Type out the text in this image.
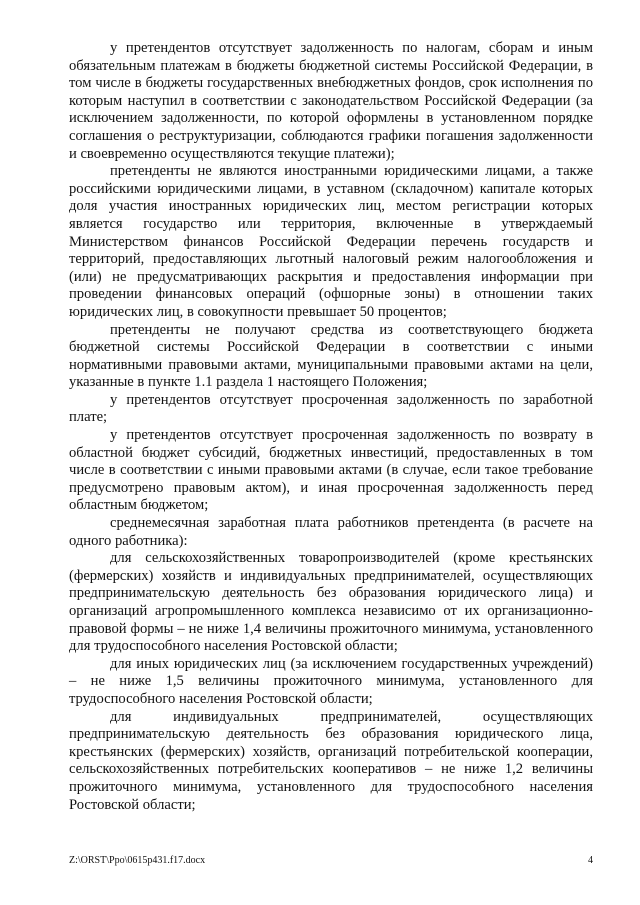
у претендентов отсутствует задолженность по налогам, сборам и иным обязательным платежам в бюджеты бюджетной системы Российской Федерации, в том числе в бюджеты государственных внебюджетных фондов, срок исполнения по которым наступил в соответствии с законодательством Российской Федерации (за исключением задолженности, по которой оформлены в установленном порядке соглашения о реструктуризации, соблюдаются графики погашения задолженности и своевременно осуществляются текущие платежи);

претенденты не являются иностранными юридическими лицами, а также российскими юридическими лицами, в уставном (складочном) капитале которых доля участия иностранных юридических лиц, местом регистрации которых является государство или территория, включенные в утверждаемый Министерством финансов Российской Федерации перечень государств и территорий, предоставляющих льготный налоговый режим налогообложения и (или) не предусматривающих раскрытия и предоставления информации при проведении финансовых операций (офшорные зоны) в отношении таких юридических лиц, в совокупности превышает 50 процентов;

претенденты не получают средства из соответствующего бюджета бюджетной системы Российской Федерации в соответствии с иными нормативными правовыми актами, муниципальными правовыми актами на цели, указанные в пункте 1.1 раздела 1 настоящего Положения;

у претендентов отсутствует просроченная задолженность по заработной плате;

у претендентов отсутствует просроченная задолженность по возврату в областной бюджет субсидий, бюджетных инвестиций, предоставленных в том числе в соответствии с иными правовыми актами (в случае, если такое требование предусмотрено правовым актом), и иная просроченная задолженность перед областным бюджетом;

среднемесячная заработная плата работников претендента (в расчете на одного работника):

для сельскохозяйственных товаропроизводителей (кроме крестьянских (фермерских) хозяйств и индивидуальных предпринимателей, осуществляющих предпринимательскую деятельность без образования юридического лица) и организаций агропромышленного комплекса независимо от их организационно-правовой формы – не ниже 1,4 величины прожиточного минимума, установленного для трудоспособного населения Ростовской области;

для иных юридических лиц (за исключением государственных учреждений) – не ниже 1,5 величины прожиточного минимума, установленного для трудоспособного населения Ростовской области;

для индивидуальных предпринимателей, осуществляющих предпринимательскую деятельность без образования юридического лица, крестьянских (фермерских) хозяйств, организаций потребительской кооперации, сельскохозяйственных потребительских кооперативов – не ниже 1,2 величины прожиточного минимума, установленного для трудоспособного населения Ростовской области;

Z:\ORST\Ppo\0615p431.f17.docx	4
